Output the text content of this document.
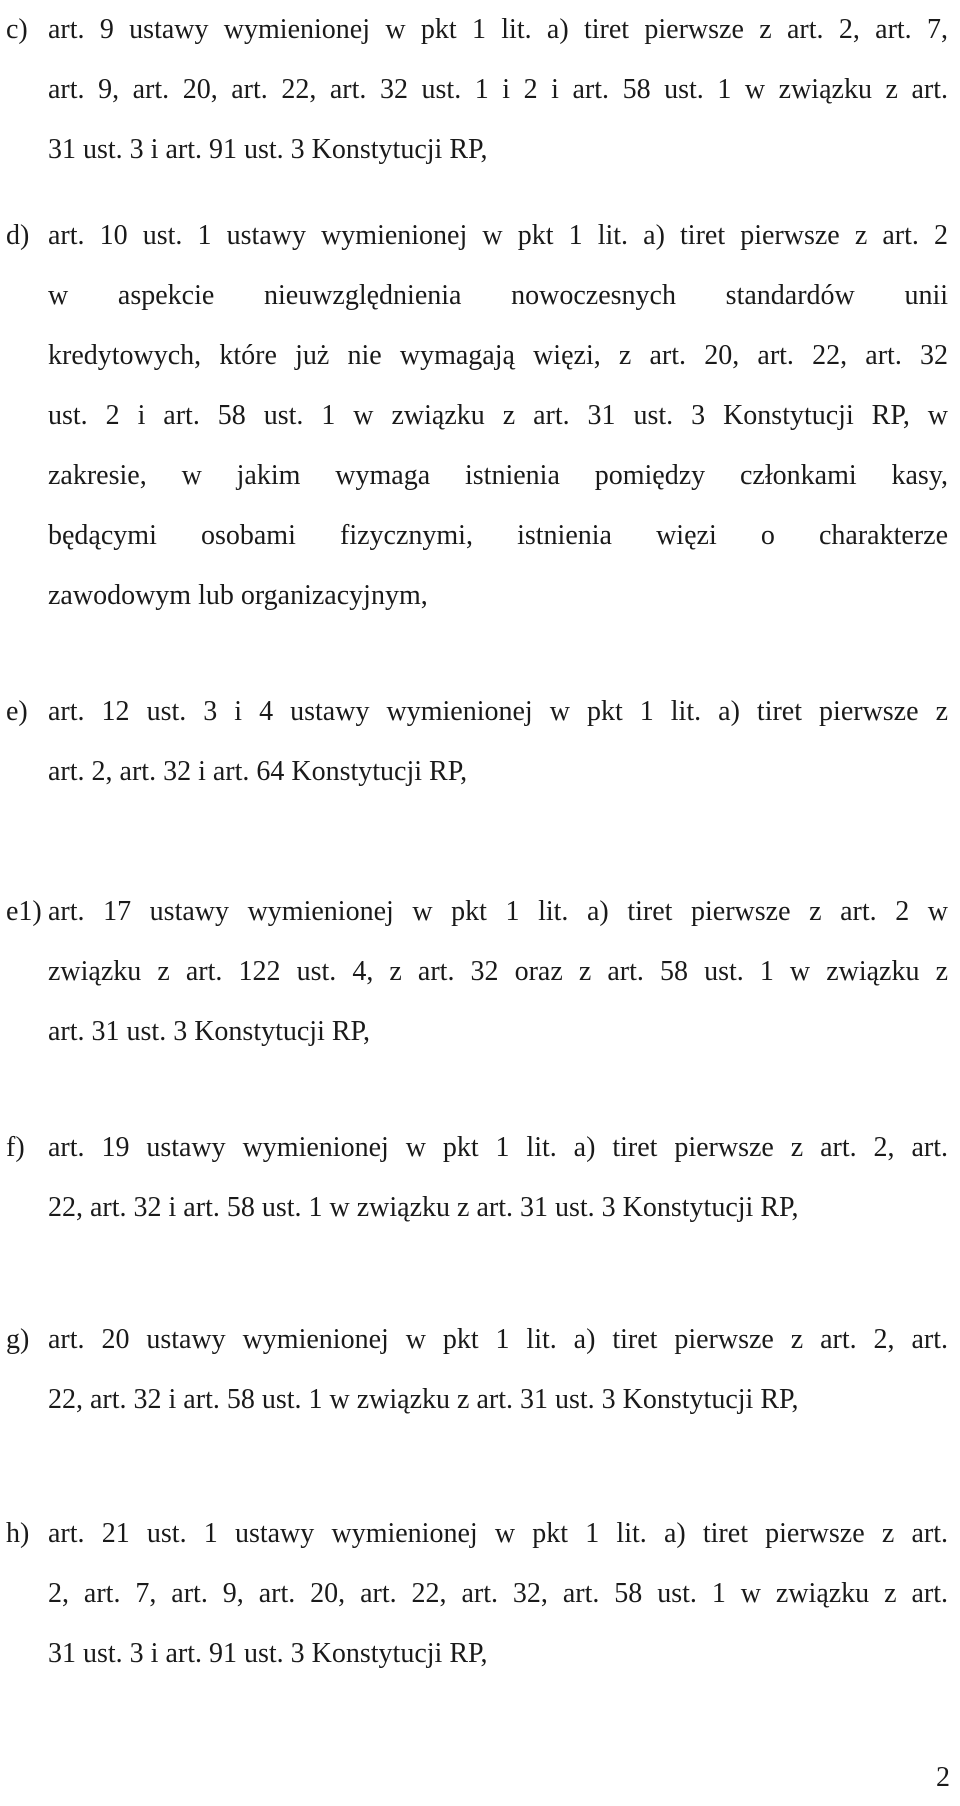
c) art. 9 ustawy wymienionej w pkt 1 lit. a) tiret pierwsze z art. 2, art. 7,
art. 9, art. 20, art. 22, art. 32 ust. 1 i 2 i art. 58 ust. 1 w związku z art.
31 ust. 3 i art. 91 ust. 3 Konstytucji RP,
d) art. 10 ust. 1 ustawy wymienionej w pkt 1 lit. a) tiret pierwsze z art. 2
w aspekcie nieuwzględnienia nowoczesnych standardów unii
kredytowych, które już nie wymagają więzi, z art. 20, art. 22, art. 32
ust. 2 i art. 58 ust. 1 w związku z art. 31 ust. 3 Konstytucji RP, w
zakresie, w jakim wymaga istnienia pomiędzy członkami kasy,
będącymi osobami fizycznymi, istnienia więzi o charakterze
zawodowym lub organizacyjnym,
e) art. 12 ust. 3 i 4 ustawy wymienionej w pkt 1 lit. a) tiret pierwsze z
art. 2, art. 32 i art. 64 Konstytucji RP,
e1) art. 17 ustawy wymienionej w pkt 1 lit. a) tiret pierwsze z art. 2 w
związku z art. 122 ust. 4, z art. 32 oraz z art. 58 ust. 1 w związku z
art. 31 ust. 3 Konstytucji RP,
f) art. 19 ustawy wymienionej w pkt 1 lit. a) tiret pierwsze z art. 2, art.
22, art. 32 i art. 58 ust. 1 w związku z art. 31 ust. 3 Konstytucji RP,
g) art. 20 ustawy wymienionej w pkt 1 lit. a) tiret pierwsze z art. 2, art.
22, art. 32 i art. 58 ust. 1 w związku z art. 31 ust. 3 Konstytucji RP,
h) art. 21 ust. 1 ustawy wymienionej w pkt 1 lit. a) tiret pierwsze z art.
2, art. 7, art. 9, art. 20, art. 22, art. 32, art. 58 ust. 1 w związku z art.
31 ust. 3 i art. 91 ust. 3 Konstytucji RP,
2
